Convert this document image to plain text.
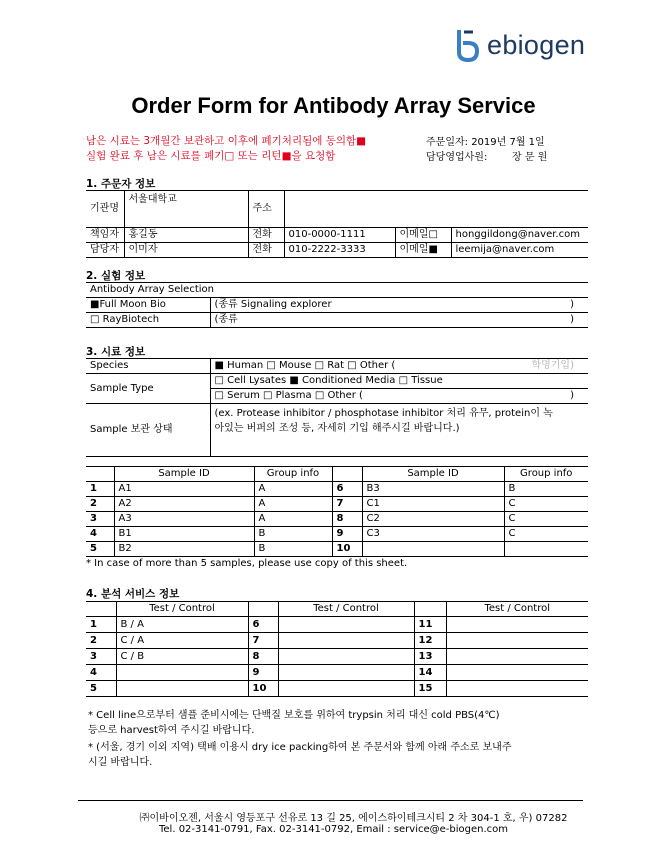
ebiogen
Order Form for Antibody Array Service
남은 시료는 3개월간 보관하고 이후에 폐기처리됨에 동의함■
실험 완료 후 남은 시료를 폐기□ 또는 리턴■을 요청함
주문일자: 2019년 7월 1일
담당영업사원: 장 문 원
1. 주문자 정보
기관명	서울대학교	주소			
책임자	홍길동	전화	010-0000-1111	이메일□	honggildong@naver.com
담당자	이미자	전화	010-2222-3333	이메일■	leemija@naver.com
2. 실험 정보
Antibody Array Selection	
■Full Moon Bio	(종류 Signaling explorer )

□ RayBiotech	(종류 )
3. 시료 정보
Species	■ Human □ Mouse □ Rat □ Other ( 학명기입)

Sample Type	□ Cell Lysates ■ Conditioned Media □ Tissue
	□ Serum □ Plasma □ Other ( )

Sample 보관 상태	(ex. Protease inhibitor / phosphotase inhibitor 처리 유무, protein이 녹
아있는 버퍼의 조성 등, 자세히 기입 해주시길 바랍니다.)
	Sample ID	Group info		Sample ID	Group info
1	A1	A	6	B3	B
2	A2	A	7	C1	C
3	A3	A	8	C2	C
4	B1	B	9	C3	C
5	B2	B	10		
* In case of more than 5 samples, please use copy of this sheet.
4. 분석 서비스 정보
	Test / Control		Test / Control		Test / Control
1	B / A	6		11	
2	C / A	7		12	
3	C / B	8		13	
4		9		14	
5		10		15	
* Cell line으로부터 샘플 준비시에는 단백질 보호를 위하여 trypsin 처리 대신 cold PBS(4℃)
등으로 harvest하여 주시길 바랍니다.
* (서울, 경기 이외 지역) 택배 이용시 dry ice packing하여 본 주문서와 함께 아래 주소로 보내주
시길 바랍니다.
㈜이바이오젠, 서울시 영등포구 선유로 13 길 25, 에이스하이테크시티 2 차 304-1 호, 우) 07282
Tel. 02-3141-0791, Fax. 02-3141-0792, Email : service@e-biogen.com
